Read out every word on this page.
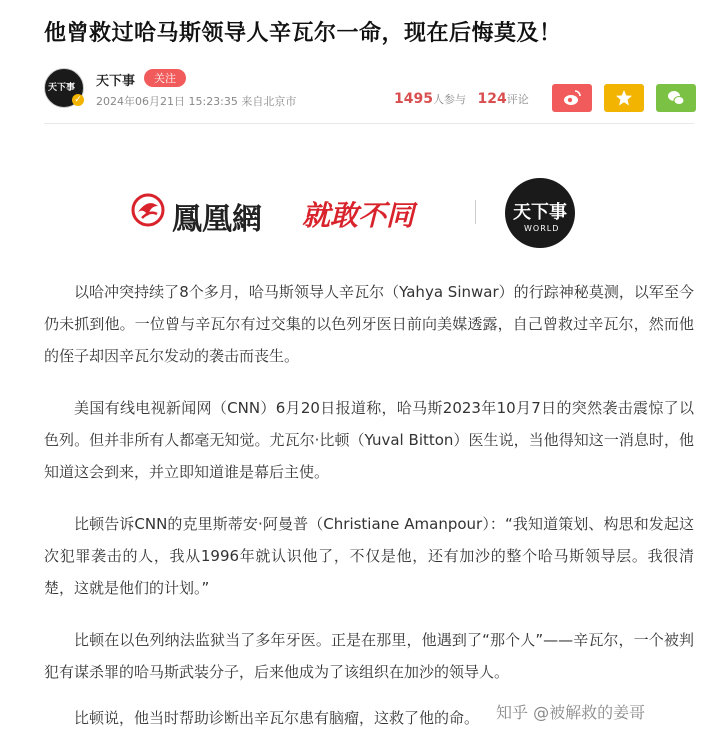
他曾救过哈马斯领导人辛瓦尔一命，现在后悔莫及！
天下事
✓
天下事	关注
2024年06月21日 15:23:35 来自北京市	1495人参与 124评论
鳳凰網 就敢不同	天下事
WORLD

以哈冲突持续了8个多月，哈马斯领导人辛瓦尔（Yahya Sinwar）的行踪神秘莫测，以军至今仍未抓到他。一位曾与辛瓦尔有过交集的以色列牙医日前向美媒透露，自己曾救过辛瓦尔，然而他的侄子却因辛瓦尔发动的袭击而丧生。

美国有线电视新闻网（CNN）6月20日报道称，哈马斯2023年10月7日的突然袭击震惊了以色列。但并非所有人都毫无知觉。尤瓦尔·比顿（Yuval Bitton）医生说，当他得知这一消息时，他知道这会到来，并立即知道谁是幕后主使。

比顿告诉CNN的克里斯蒂安·阿曼普（Christiane Amanpour）：“我知道策划、构思和发起这次犯罪袭击的人，我从1996年就认识他了，不仅是他，还有加沙的整个哈马斯领导层。我很清楚，这就是他们的计划。”

比顿在以色列纳法监狱当了多年牙医。正是在那里，他遇到了“那个人”——辛瓦尔，一个被判犯有谋杀罪的哈马斯武装分子，后来他成为了该组织在加沙的领导人。

比顿说，他当时帮助诊断出辛瓦尔患有脑瘤，这救了他的命。	知乎 @被解救的姜哥
